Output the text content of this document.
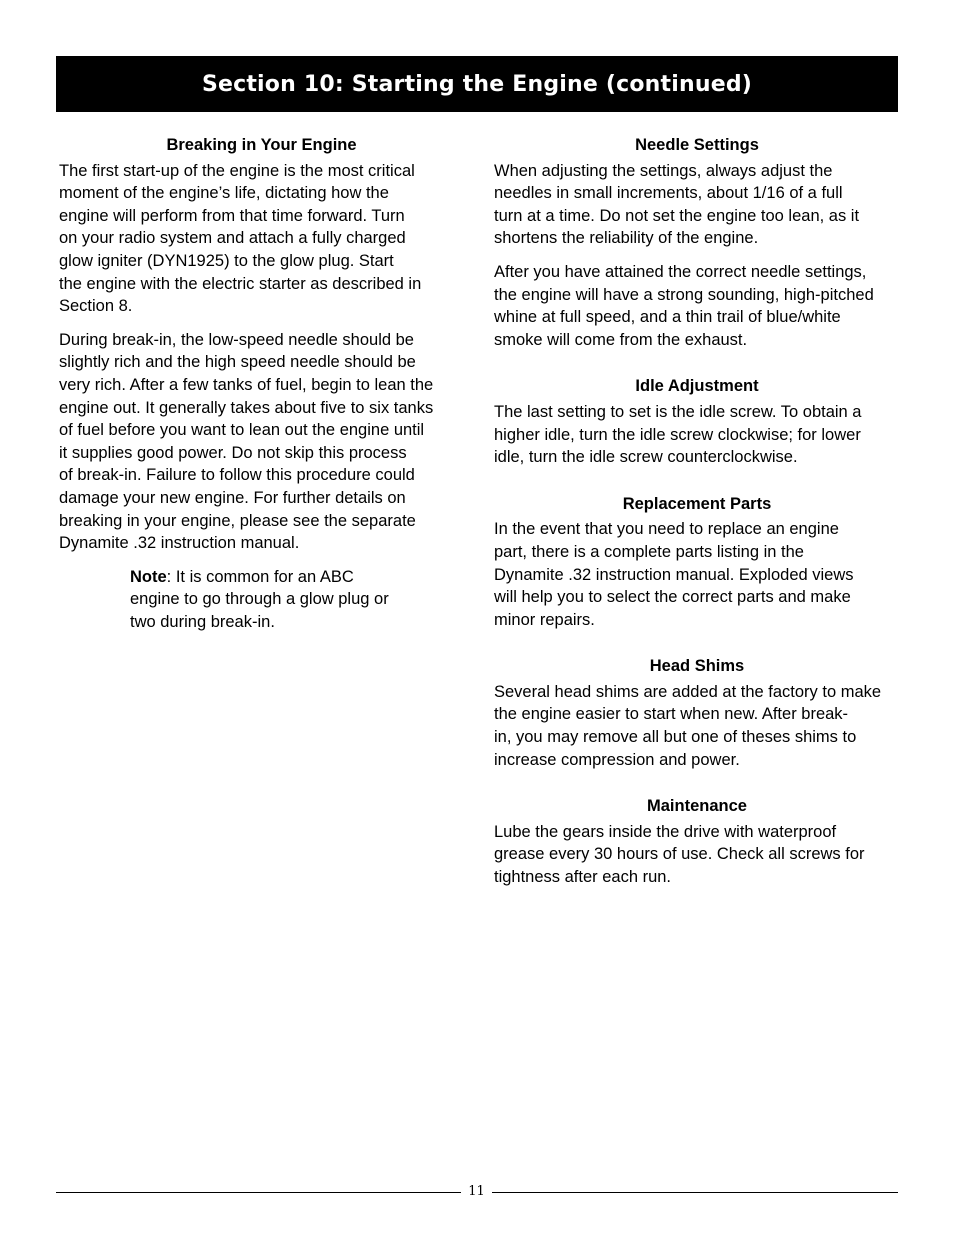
Section 10: Starting the Engine (continued)
Breaking in Your Engine
The first start-up of the engine is the most critical
moment of the engine’s life, dictating how the
engine will perform from that time forward. Turn
on your radio system and attach a fully charged
glow igniter (DYN1925) to the glow plug. Start
the engine with the electric starter as described in
Section 8.
During break-in, the low-speed needle should be
slightly rich and the high speed needle should be
very rich. After a few tanks of fuel, begin to lean the
engine out. It generally takes about five to six tanks
of fuel before you want to lean out the engine until
it supplies good power. Do not skip this process
of break-in. Failure to follow this procedure could
damage your new engine. For further details on
breaking in your engine, please see the separate
Dynamite .32 instruction manual.
Note: It is common for an ABC
engine to go through a glow plug or
two during break-in.
Needle Settings
When adjusting the settings, always adjust the
needles in small increments, about 1/16 of a full
turn at a time. Do not set the engine too lean, as it
shortens the reliability of the engine.
After you have attained the correct needle settings,
the engine will have a strong sounding, high-pitched
whine at full speed, and a thin trail of blue/white
smoke will come from the exhaust.
Idle Adjustment
The last setting to set is the idle screw. To obtain a
higher idle, turn the idle screw clockwise; for lower
idle, turn the idle screw counterclockwise.
Replacement Parts
In the event that you need to replace an engine
part, there is a complete parts listing in the
Dynamite .32 instruction manual. Exploded views
will help you to select the correct parts and make
minor repairs.
Head Shims
Several head shims are added at the factory to make
the engine easier to start when new. After break-
in, you may remove all but one of theses shims to
increase compression and power.
Maintenance
Lube the gears inside the drive with waterproof
grease every 30 hours of use. Check all screws for
tightness after each run.
11
